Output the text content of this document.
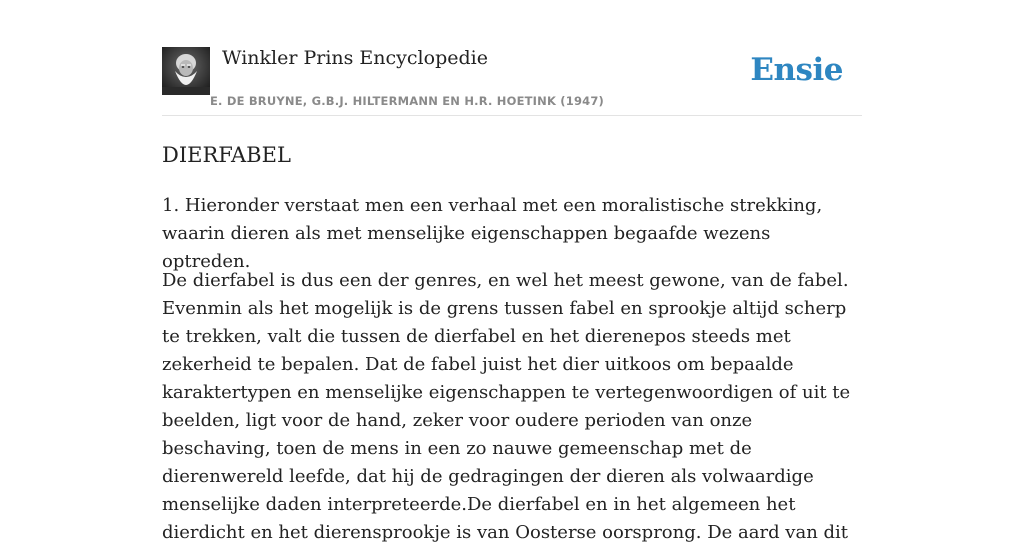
Winkler Prins Encyclopedie
E. DE BRUYNE, G.B.J. HILTERMANN EN H.R. HOETINK (1947)
Ensie
DIERFABEL

1. Hieronder verstaat men een verhaal met een moralistische strekking, waarin dieren als met menselijke eigenschappen begaafde wezens optreden.

De dierfabel is dus een der genres, en wel het meest gewone, van de fabel. Evenmin als het mogelijk is de grens tussen fabel en sprookje altijd scherp te trekken, valt die tussen de dierfabel en het dierenepos steeds met zekerheid te bepalen. Dat de fabel juist het dier uitkoos om bepaalde karaktertypen en menselijke eigenschappen te vertegenwoordigen of uit te beelden, ligt voor de hand, zeker voor oudere perioden van onze beschaving, toen de mens in een zo nauwe gemeenschap met de dierenwereld leefde, dat hij de gedragingen der dieren als volwaardige menselijke daden interpreteerde.De dierfabel en in het algemeen het dierdicht en het dierensprookje is van Oosterse oorsprong. De aard van dit
